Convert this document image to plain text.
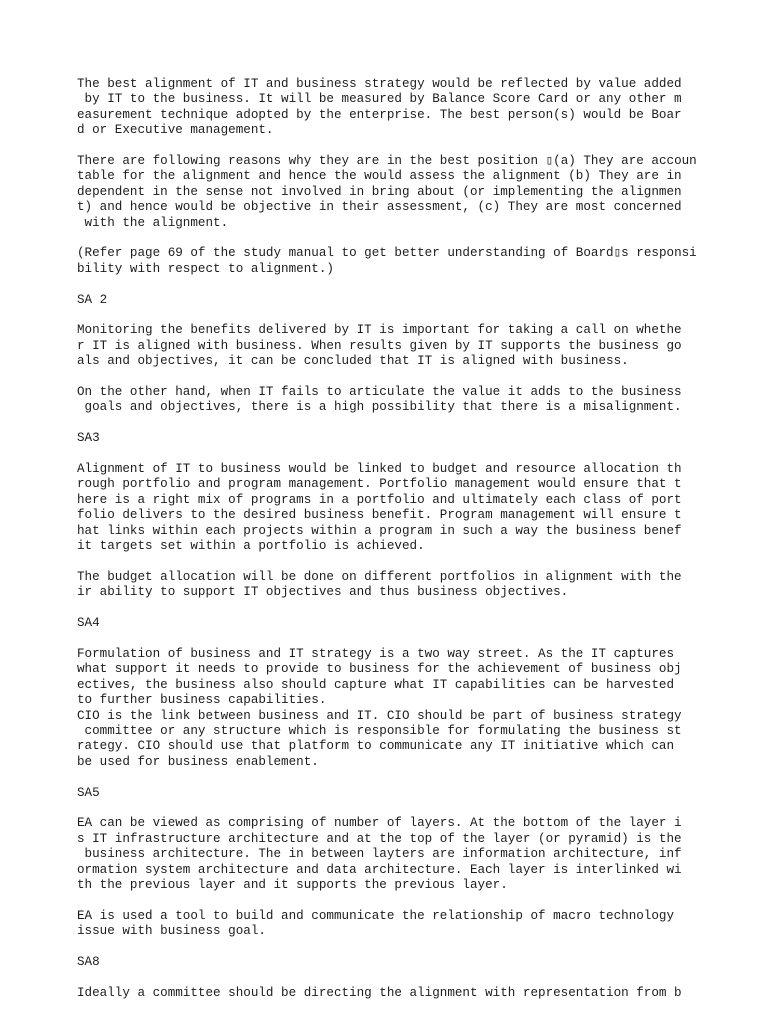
The best alignment of IT and business strategy would be reflected by value added
by IT to the business. It will be measured by Balance Score Card or any other m
easurement technique adopted by the enterprise. The best person(s) would be Boar
d or Executive management.
There are following reasons why they are in the best position ▯(a) They are accoun
table for the alignment and hence the would assess the alignment (b) They are in
dependent in the sense not involved in bring about (or implementing the alignmen
t) and hence would be objective in their assessment, (c) They are most concerned
with the alignment.
(Refer page 69 of the study manual to get better understanding of Board▯s responsi
bility with respect to alignment.)
SA 2
Monitoring the benefits delivered by IT is important for taking a call on whethe
r IT is aligned with business. When results given by IT supports the business go
als and objectives, it can be concluded that IT is aligned with business.
On the other hand, when IT fails to articulate the value it adds to the business
goals and objectives, there is a high possibility that there is a misalignment.
SA3
Alignment of IT to business would be linked to budget and resource allocation th
rough portfolio and program management. Portfolio management would ensure that t
here is a right mix of programs in a portfolio and ultimately each class of port
folio delivers to the desired business benefit. Program management will ensure t
hat links within each projects within a program in such a way the business benef
it targets set within a portfolio is achieved.
The budget allocation will be done on different portfolios in alignment with the
ir ability to support IT objectives and thus business objectives.
SA4
Formulation of business and IT strategy is a two way street. As the IT captures
what support it needs to provide to business for the achievement of business obj
ectives, the business also should capture what IT capabilities can be harvested
to further business capabilities.
CIO is the link between business and IT. CIO should be part of business strategy
committee or any structure which is responsible for formulating the business st
rategy. CIO should use that platform to communicate any IT initiative which can
be used for business enablement.
SA5
EA can be viewed as comprising of number of layers. At the bottom of the layer i
s IT infrastructure architecture and at the top of the layer (or pyramid) is the
business architecture. The in between layters are information architecture, inf
ormation system architecture and data architecture. Each layer is interlinked wi
th the previous layer and it supports the previous layer.
EA is used a tool to build and communicate the relationship of macro technology
issue with business goal.
SA8
Ideally a committee should be directing the alignment with representation from b
